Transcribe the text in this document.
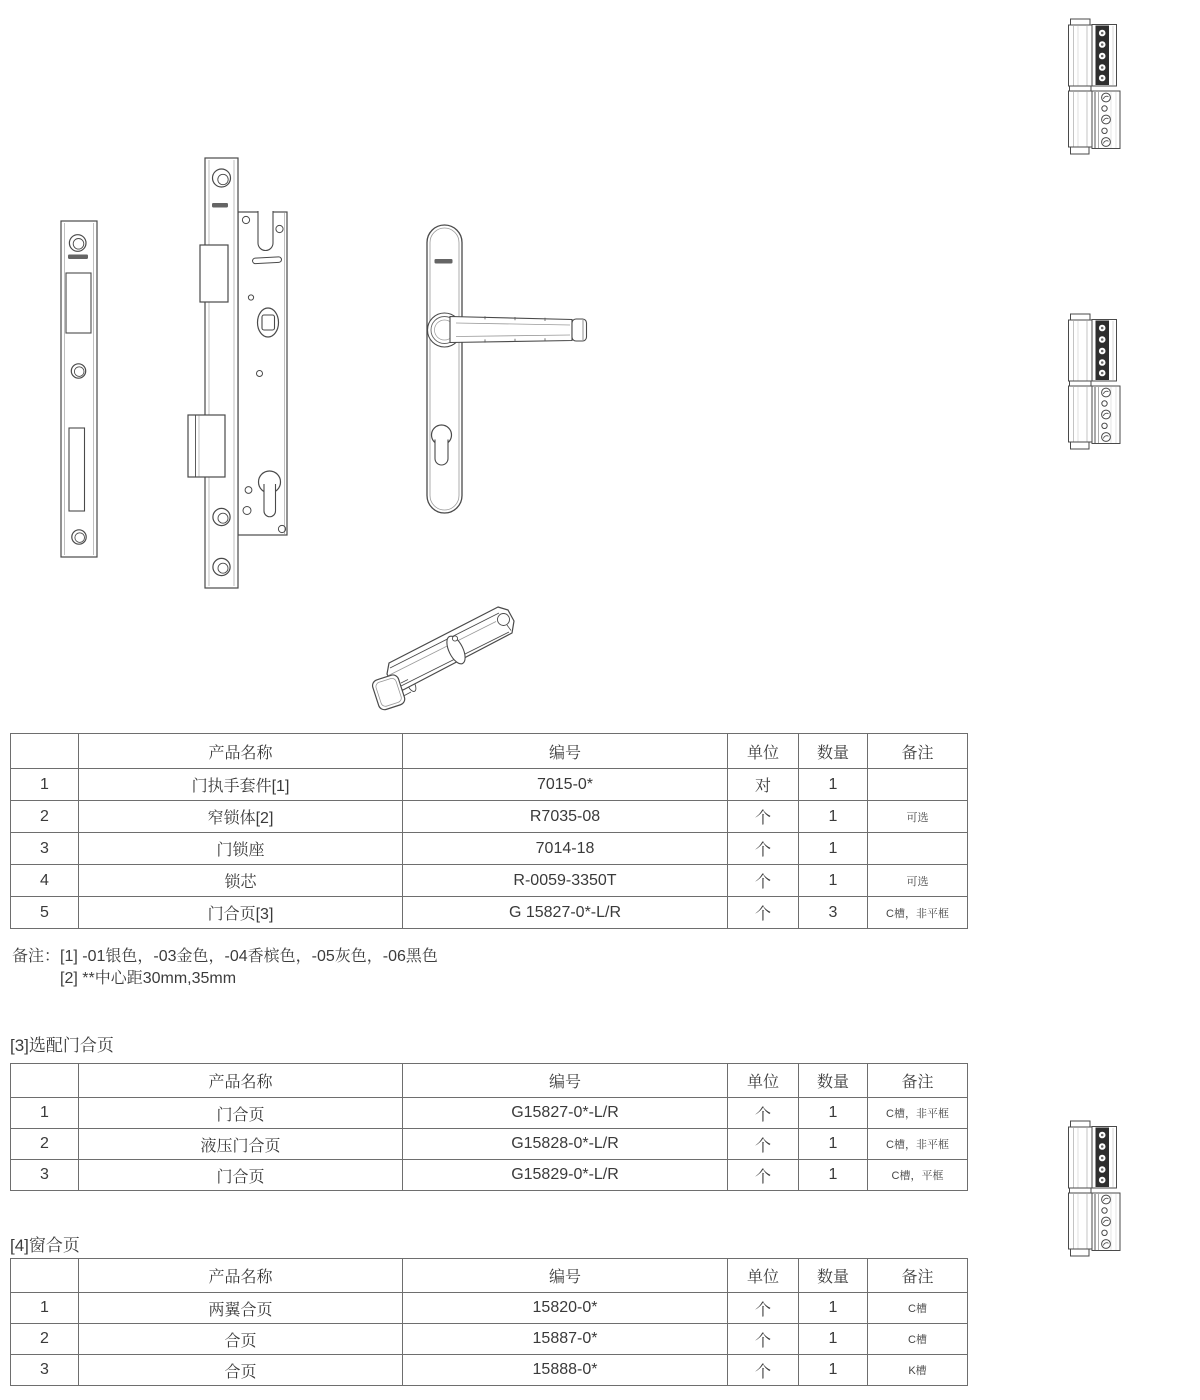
	产品名称	编号	单位	数量	备注
1	门执手套件[1]	7015-0*	对	1	
2	窄锁体[2]	R7035-08	个	1	可选
3	门锁座	7014-18	个	1	
4	锁芯	R-0059-3350T	个	1	可选
5	门合页[3]	G 15827-0*-L/R	个	3	C槽，非平框
备注： [1] -01银色，-03金色，-04香槟色，-05灰色，-06黑色
[2] **中心距30mm,35mm
[3]选配门合页
	产品名称	编号	单位	数量	备注
1	门合页	G15827-0*-L/R	个	1	C槽，非平框
2	液压门合页	G15828-0*-L/R	个	1	C槽，非平框
3	门合页	G15829-0*-L/R	个	1	C槽，平框
[4]窗合页
	产品名称	编号	单位	数量	备注
1	两翼合页	15820-0*	个	1	C槽
2	合页	15887-0*	个	1	C槽
3	合页	15888-0*	个	1	K槽
